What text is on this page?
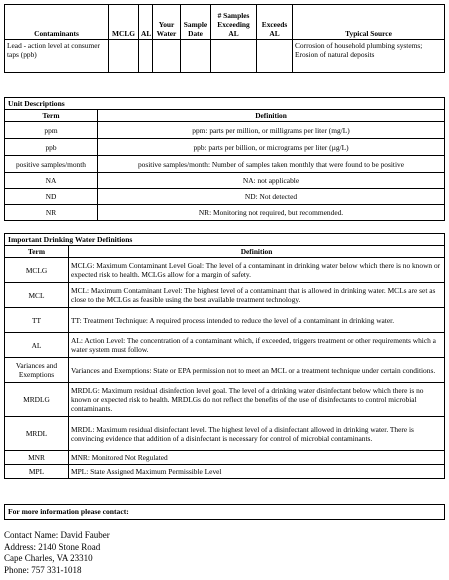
Contaminants	MCLG	AL	Your Water	Sample Date	# Samples Exceeding AL	Exceeds AL	Typical Source
Lead - action level at consumer taps (ppb)							Corrosion of household plumbing systems; Erosion of natural deposits
Unit Descriptions
Term	Definition
ppm	ppm: parts per million, or milligrams per liter (mg/L)
ppb	ppb: parts per billion, or micrograms per liter (µg/L)
positive samples/month	positive samples/month: Number of samples taken monthly that were found to be positive
NA	NA: not applicable
ND	ND: Not detected
NR	NR: Monitoring not required, but recommended.
Important Drinking Water Definitions
Term	Definition
MCLG	MCLG: Maximum Contaminant Level Goal: The level of a contaminant in drinking water below which there is no known or expected risk to health. MCLGs allow for a margin of safety.
MCL	MCL: Maximum Contaminant Level: The highest level of a contaminant that is allowed in drinking water. MCLs are set as close to the MCLGs as feasible using the best available treatment technology.
TT	TT: Treatment Technique: A required process intended to reduce the level of a contaminant in drinking water.
AL	AL: Action Level: The concentration of a contaminant which, if exceeded, triggers treatment or other requirements which a water system must follow.
Variances and Exemptions	Variances and Exemptions: State or EPA permission not to meet an MCL or a treatment technique under certain conditions.
MRDLG	MRDLG: Maximum residual disinfection level goal. The level of a drinking water disinfectant below which there is no known or expected risk to health. MRDLGs do not reflect the benefits of the use of disinfectants to control microbial contaminants.
MRDL	MRDL: Maximum residual disinfectant level. The highest level of a disinfectant allowed in drinking water. There is convincing evidence that addition of a disinfectant is necessary for control of microbial contaminants.
MNR	MNR: Monitored Not Regulated
MPL	MPL: State Assigned Maximum Permissible Level
For more information please contact:
Contact Name: David Fauber
Address: 2140 Stone Road
Cape Charles, VA 23310
Phone: 757 331-1018
